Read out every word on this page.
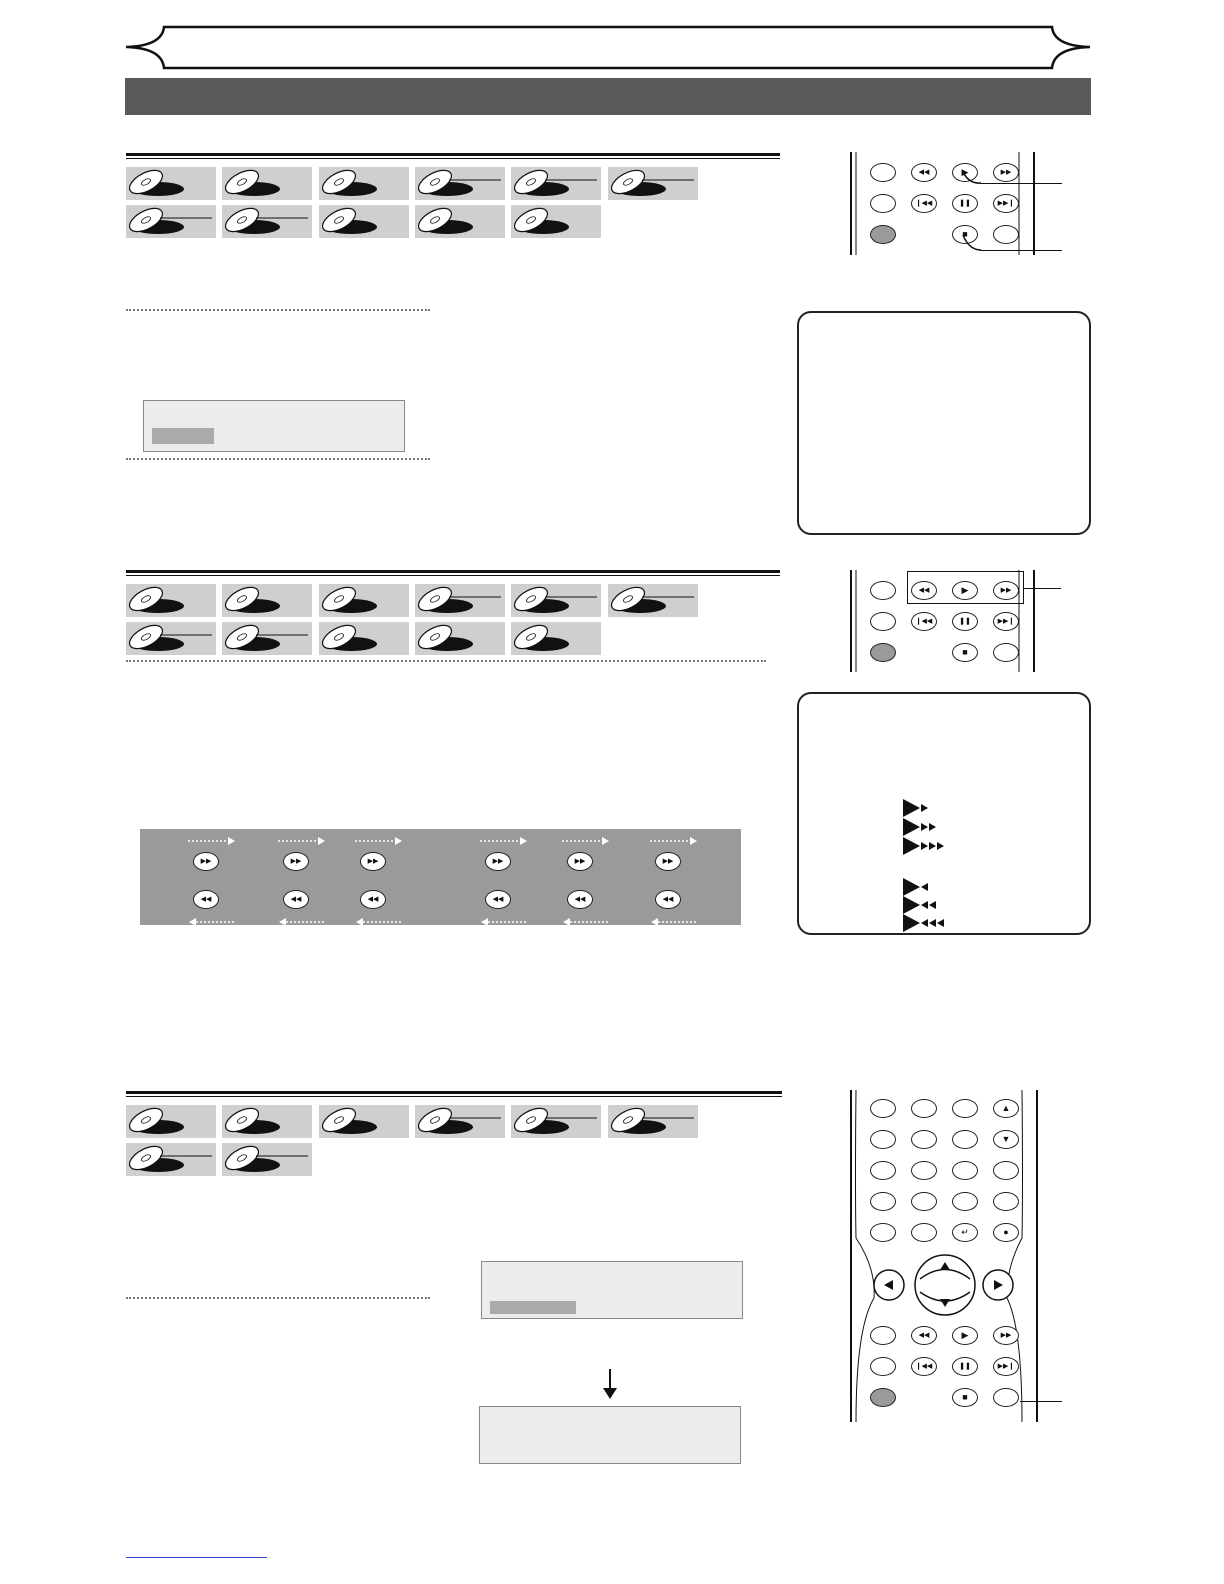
◀◀	▶	▶▶
❙◀◀	❚❚	▶▶❙
■
◀◀	▶	▶▶
❙◀◀	❚❚	▶▶❙
■
▶▶
◀◀
▶▶
◀◀
▶▶
◀◀
▶▶
◀◀
▶▶
◀◀
▶▶
◀◀
▲
▼
↵	●
◀◀	▶	▶▶
❙◀◀	❚❚	▶▶❙
■
